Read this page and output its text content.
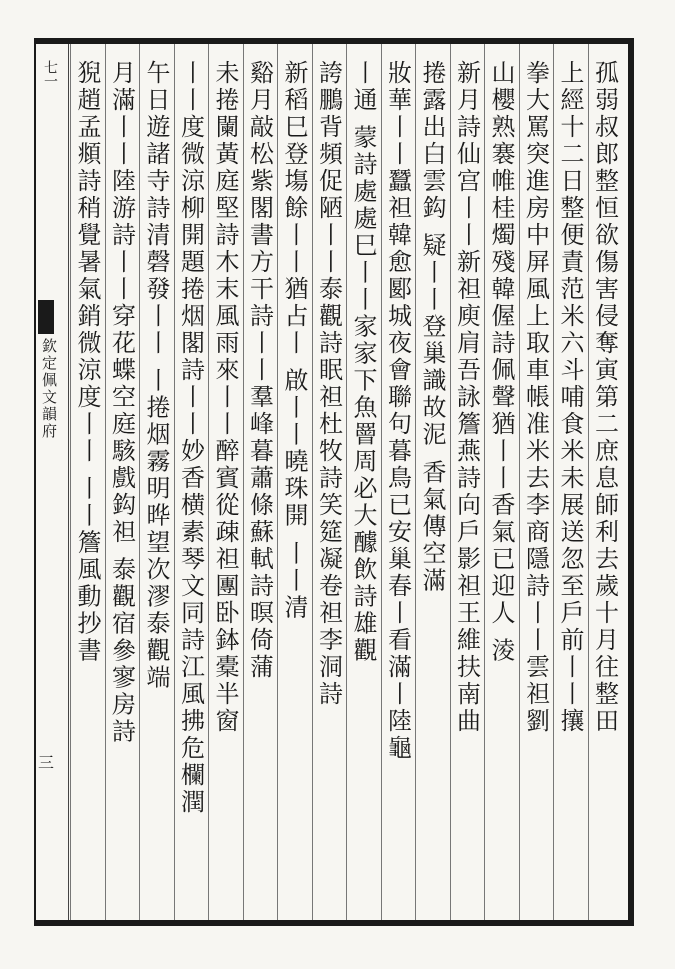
七一
欽定佩文韻府
三
孤弱叔郎整恒欲傷害侵奪寅第二庶息師利去歲十月往整田
上經十二日整便責范米六斗哺食米未展送忽至戶前丨丨攘
拳大罵突進房中屏風上取車帳准米去李商隱詩丨丨雲𥘵劉
山櫻熟褰帷桂燭殘韓偓詩佩聲猶丨丨香氣已迎人 淩
新月詩仙宫丨丨新𥘵庾肩吾詠簷燕詩向戶影𥘵王維扶南曲
捲露出白雲鈎 疑丨丨登巢識故泥 香氣傳空滿
妝華丨丨蠶𥘵韓愈郾城夜會聯句暮鳥已安巢春丨看滿丨陸龜
丨通 蒙詩處處巳丨丨家家下魚罾周必大醵飲詩雄觀
誇鵬背頻促陋丨丨泰觀詩眠𥘵杜牧詩笑筵凝卷𥘵李洞詩
新稻巳登塲餘丨丨猶占丨 啟丨丨曉珠開 丨丨清
谿月敲松紫閣書方干詩丨丨羣峰暮蕭條蘇軾詩暝倚蒲
未捲闌黃庭堅詩木末風雨來丨丨醉賓從疎𥘵團卧鉢橐半窗
丨丨度微涼柳開題捲烟閣詩丨丨妙香横素琴文同詩江風拂危欄潤
午日遊諸寺詩清磬發丨丨 丨捲烟霧明晔望次漻泰觀端
月滿丨丨陸游詩丨丨穿花蝶空庭駭戲鈎𥘵 泰觀宿參寥房詩
猊趙孟頫詩稍覺暑氣銷微涼度丨丨 丨丨簷風動抄書
